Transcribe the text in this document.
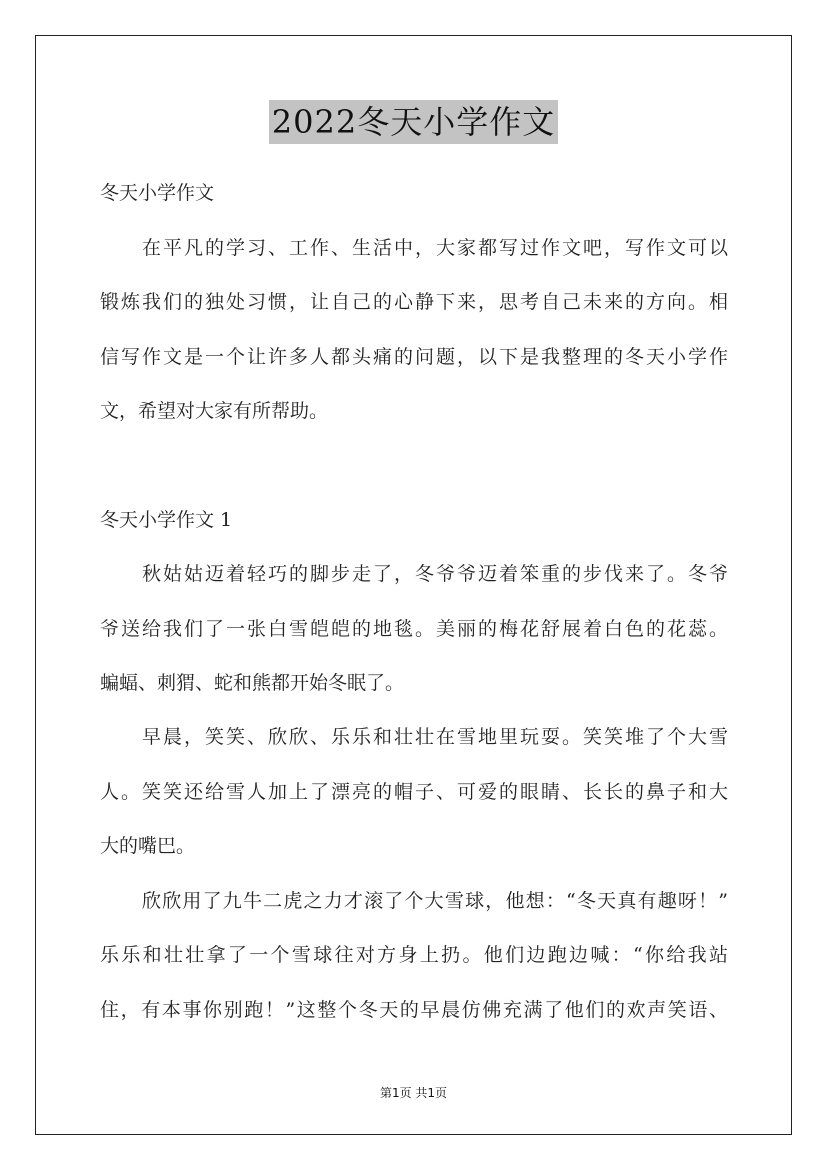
2022冬天小学作文
冬天小学作文
在平凡的学习、工作、生活中，大家都写过作文吧，写作文可以
锻炼我们的独处习惯，让自己的心静下来，思考自己未来的方向。相
信写作文是一个让许多人都头痛的问题，以下是我整理的冬天小学作
文，希望对大家有所帮助。
冬天小学作文 1
秋姑姑迈着轻巧的脚步走了，冬爷爷迈着笨重的步伐来了。冬爷
爷送给我们了一张白雪皑皑的地毯。美丽的梅花舒展着白色的花蕊。
蝙蝠、刺猬、蛇和熊都开始冬眠了。
早晨，笑笑、欣欣、乐乐和壮壮在雪地里玩耍。笑笑堆了个大雪
人。笑笑还给雪人加上了漂亮的帽子、可爱的眼睛、长长的鼻子和大
大的嘴巴。
欣欣用了九牛二虎之力才滚了个大雪球，他想：“冬天真有趣呀！”
乐乐和壮壮拿了一个雪球往对方身上扔。他们边跑边喊：“你给我站
住，有本事你别跑！”这整个冬天的早晨仿佛充满了他们的欢声笑语、
第1页 共1页
